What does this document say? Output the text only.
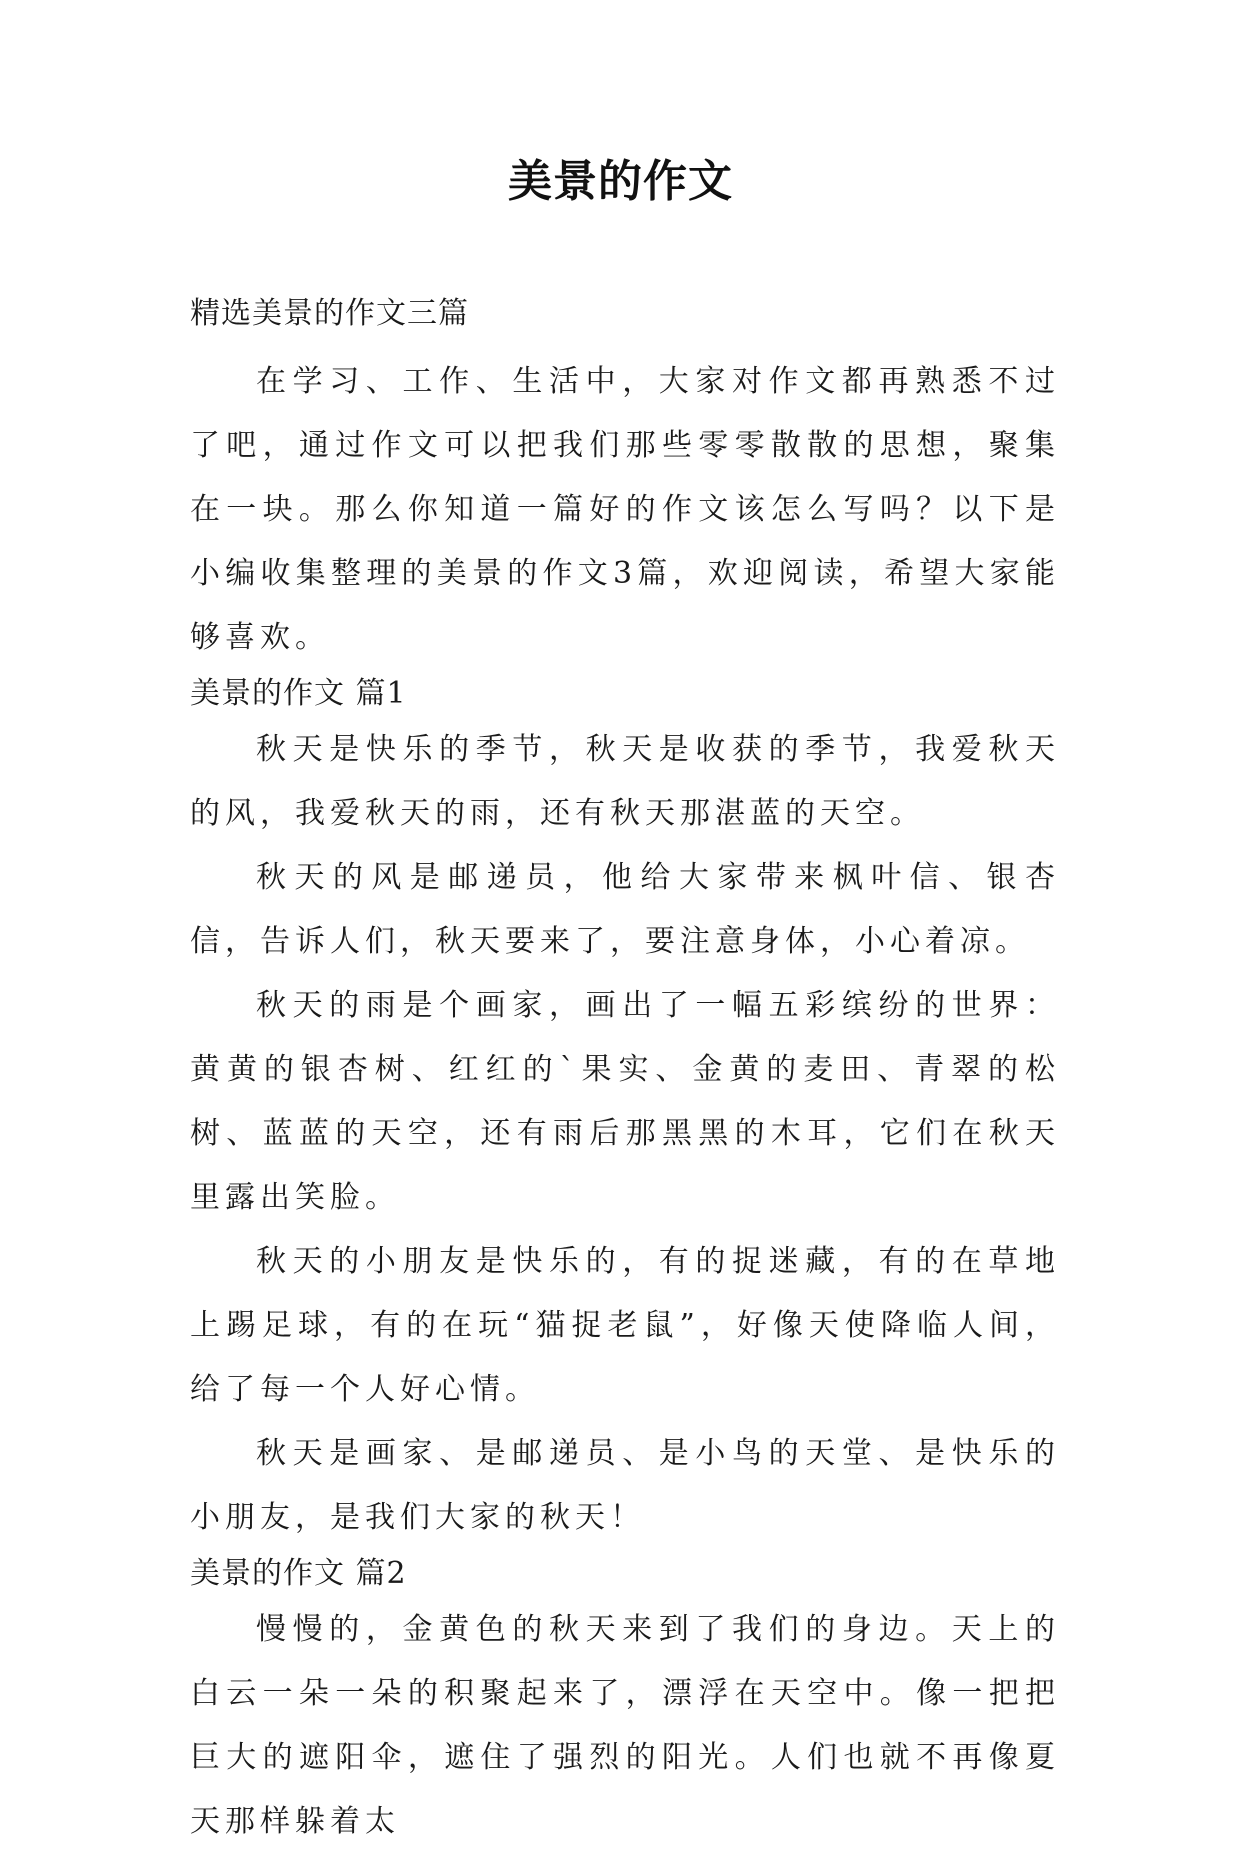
美景的作文

精选美景的作文三篇

在学习、工作、生活中，大家对作文都再熟悉不过了吧，通过作文可以把我们那些零零散散的思想，聚集在一块。那么你知道一篇好的作文该怎么写吗？以下是小编收集整理的美景的作文3篇，欢迎阅读，希望大家能够喜欢。

美景的作文 篇1

秋天是快乐的季节，秋天是收获的季节，我爱秋天的风，我爱秋天的雨，还有秋天那湛蓝的天空。

秋天的风是邮递员，他给大家带来枫叶信、银杏信，告诉人们，秋天要来了，要注意身体，小心着凉。

秋天的雨是个画家，画出了一幅五彩缤纷的世界：黄黄的银杏树、红红的`果实、金黄的麦田、青翠的松树、蓝蓝的天空，还有雨后那黑黑的木耳，它们在秋天里露出笑脸。

秋天的小朋友是快乐的，有的捉迷藏，有的在草地上踢足球，有的在玩“猫捉老鼠”，好像天使降临人间，给了每一个人好心情。

秋天是画家、是邮递员、是小鸟的天堂、是快乐的小朋友，是我们大家的秋天！

美景的作文 篇2

慢慢的，金黄色的秋天来到了我们的身边。天上的白云一朵一朵的积聚起来了，漂浮在天空中。像一把把巨大的遮阳伞，遮住了强烈的阳光。人们也就不再像夏天那样躲着太
